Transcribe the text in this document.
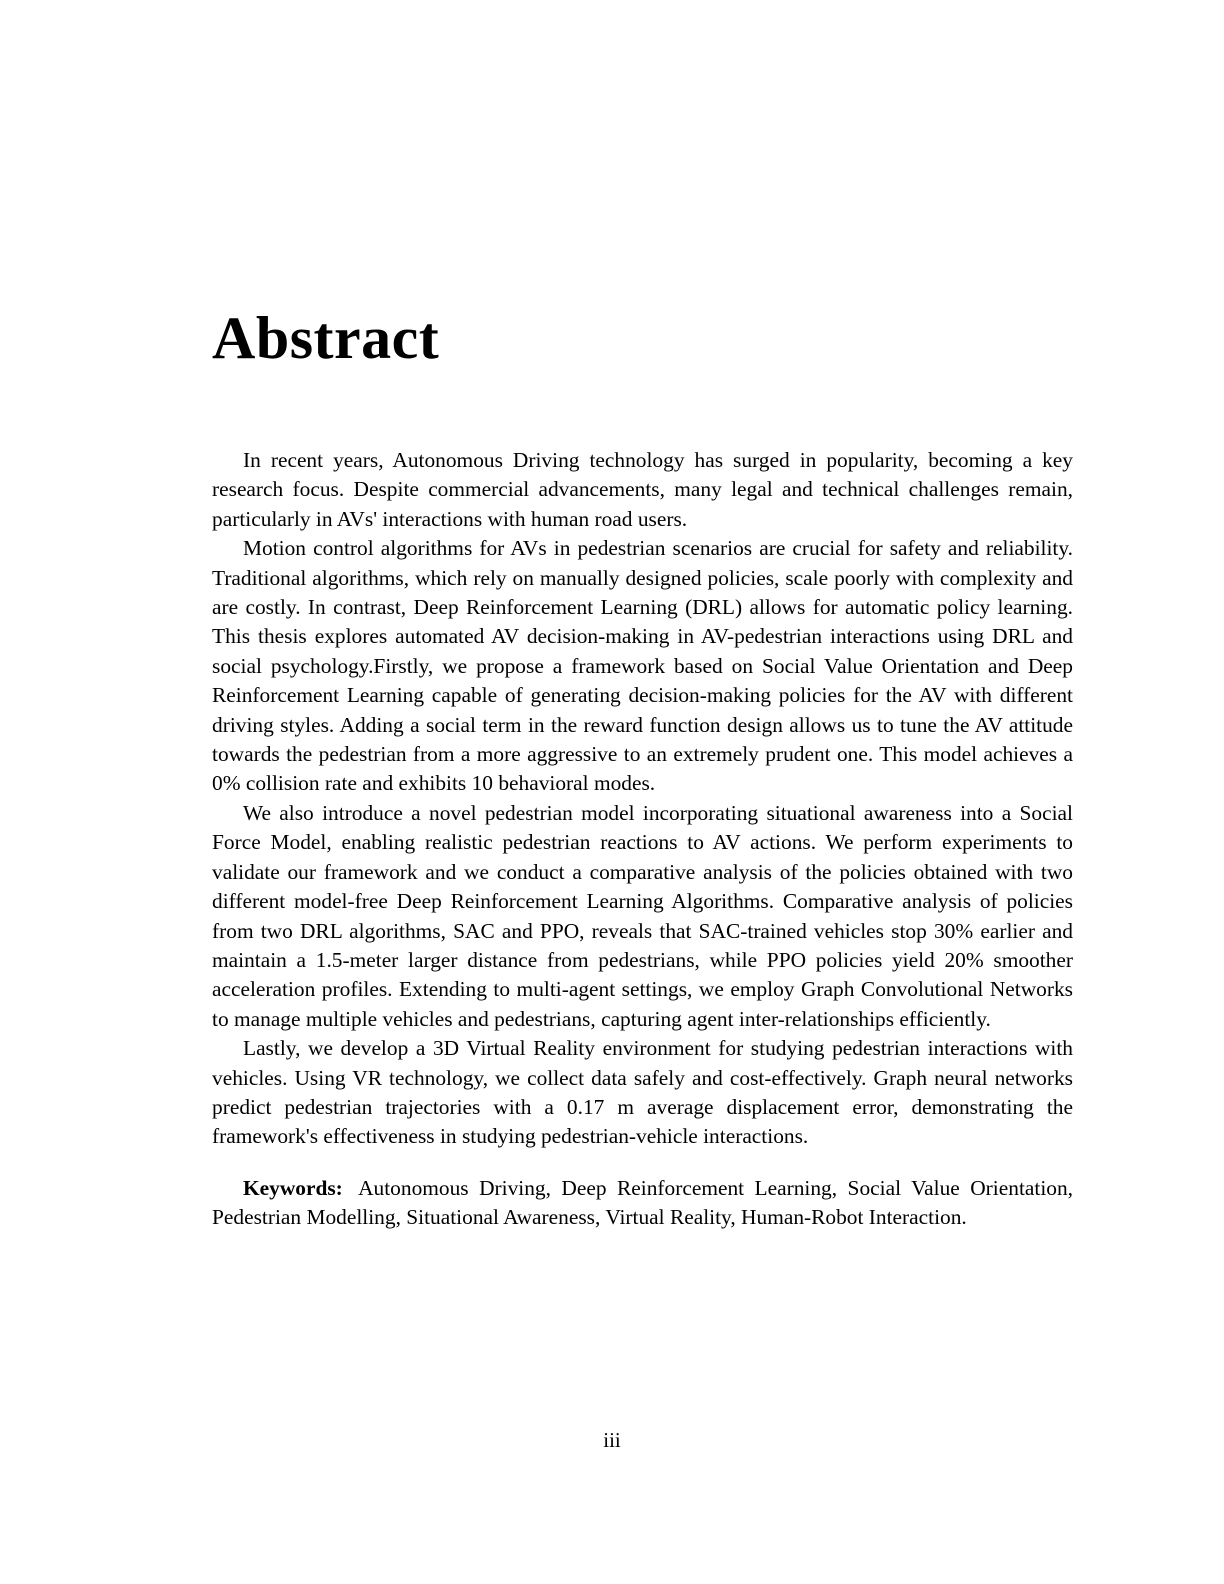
Abstract

In recent years, Autonomous Driving technology has surged in popularity, becoming a key research focus. Despite commercial advancements, many legal and technical challenges remain, particularly in AVs' interactions with human road users.

Motion control algorithms for AVs in pedestrian scenarios are crucial for safety and reliability. Traditional algorithms, which rely on manually designed policies, scale poorly with complexity and are costly. In contrast, Deep Reinforcement Learning (DRL) allows for automatic policy learning. This thesis explores automated AV decision-making in AV-pedestrian interactions using DRL and social psychology.Firstly, we propose a framework based on Social Value Orientation and Deep Reinforcement Learning capable of generating decision-making policies for the AV with different driving styles. Adding a social term in the reward function design allows us to tune the AV attitude towards the pedestrian from a more aggressive to an extremely prudent one. This model achieves a 0% collision rate and exhibits 10 behavioral modes.

We also introduce a novel pedestrian model incorporating situational awareness into a Social Force Model, enabling realistic pedestrian reactions to AV actions. We perform experiments to validate our framework and we conduct a comparative analysis of the policies obtained with two different model-free Deep Reinforcement Learning Algorithms. Comparative analysis of policies from two DRL algorithms, SAC and PPO, reveals that SAC-trained vehicles stop 30% earlier and maintain a 1.5-meter larger distance from pedestrians, while PPO policies yield 20% smoother acceleration profiles. Extending to multi-agent settings, we employ Graph Convolutional Networks to manage multiple vehicles and pedestrians, capturing agent inter-relationships efficiently.

Lastly, we develop a 3D Virtual Reality environment for studying pedestrian interactions with vehicles. Using VR technology, we collect data safely and cost-effectively. Graph neural networks predict pedestrian trajectories with a 0.17 m average displacement error, demonstrating the framework's effectiveness in studying pedestrian-vehicle interactions.

Keywords: Autonomous Driving, Deep Reinforcement Learning, Social Value Orientation, Pedestrian Modelling, Situational Awareness, Virtual Reality, Human-Robot Interaction.

iii
